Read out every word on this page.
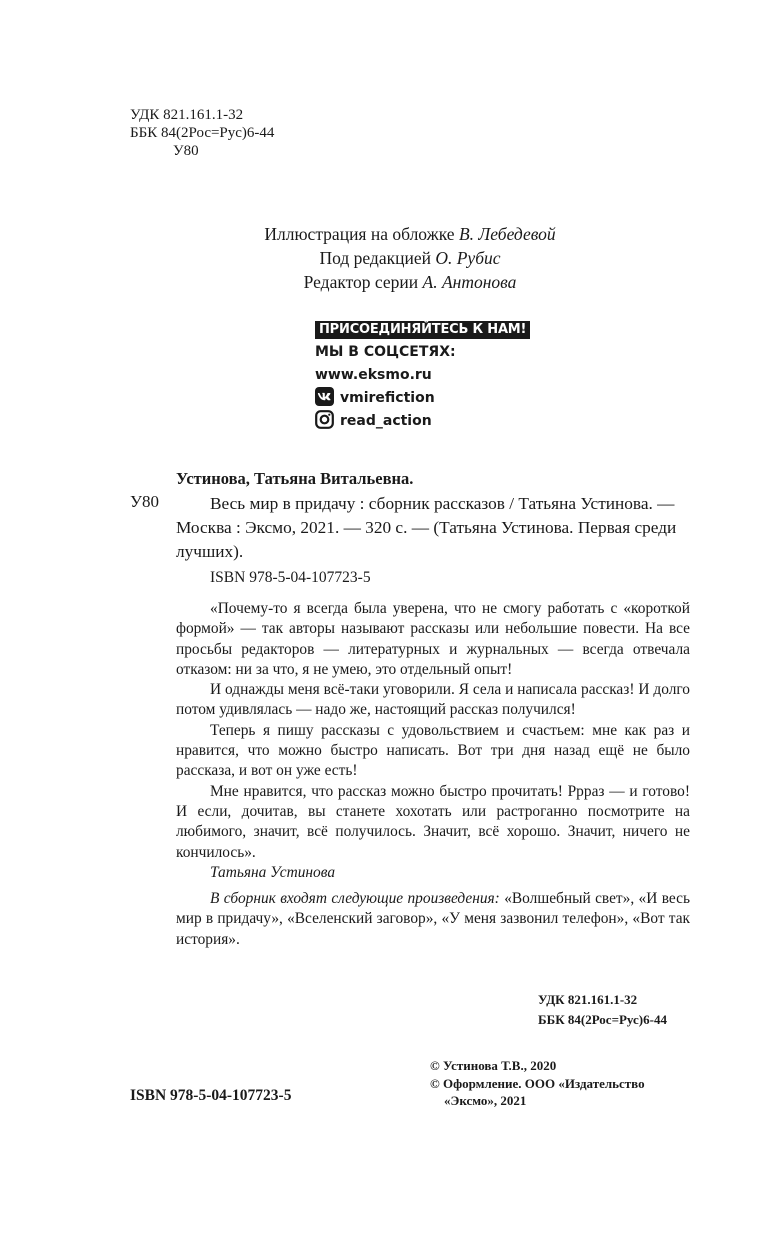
УДК 821.161.1-32
ББК 84(2Рос=Рус)6-44
У80
Иллюстрация на обложке В. Лебедевой
Под редакцией О. Рубис
Редактор серии А. Антонова
ПРИСОЕДИНЯЙТЕСЬ К НАМ!
МЫ В СОЦСЕТЯХ:
www.eksmo.ru
vmirefiction
read_action
Устинова, Татьяна Витальевна.
У80	Весь мир в придачу : сборник рассказов / Татьяна Устинова. — Москва : Эксмо, 2021. — 320 с. — (Татьяна Устинова. Первая среди лучших).
ISBN 978-5-04-107723-5

«Почему-то я всегда была уверена, что не смогу работать с «короткой формой» — так авторы называют рассказы или небольшие повести. На все просьбы редакторов — литературных и журнальных — всегда отвечала отказом: ни за что, я не умею, это отдельный опыт!

И однажды меня всё-таки уговорили. Я села и написала рассказ! И долго потом удивлялась — надо же, настоящий рассказ получился!

Теперь я пишу рассказы с удовольствием и счастьем: мне как раз и нравится, что можно быстро написать. Вот три дня назад ещё не было рассказа, и вот он уже есть!

Мне нравится, что рассказ можно быстро прочитать! Ррраз — и готово! И если, дочитав, вы станете хохотать или растроганно посмотрите на любимого, значит, всё получилось. Значит, всё хорошо. Значит, ничего не кончилось».

Татьяна Устинова

В сборник входят следующие произведения: «Волшебный свет», «И весь мир в придачу», «Вселенский заговор», «У меня зазвонил телефон», «Вот так история».

УДК 821.161.1-32
ББК 84(2Рос=Рус)6-44
© Устинова Т.В., 2020
© Оформление. ООО «Издательство
«Эксмо», 2021
ISBN 978-5-04-107723-5
